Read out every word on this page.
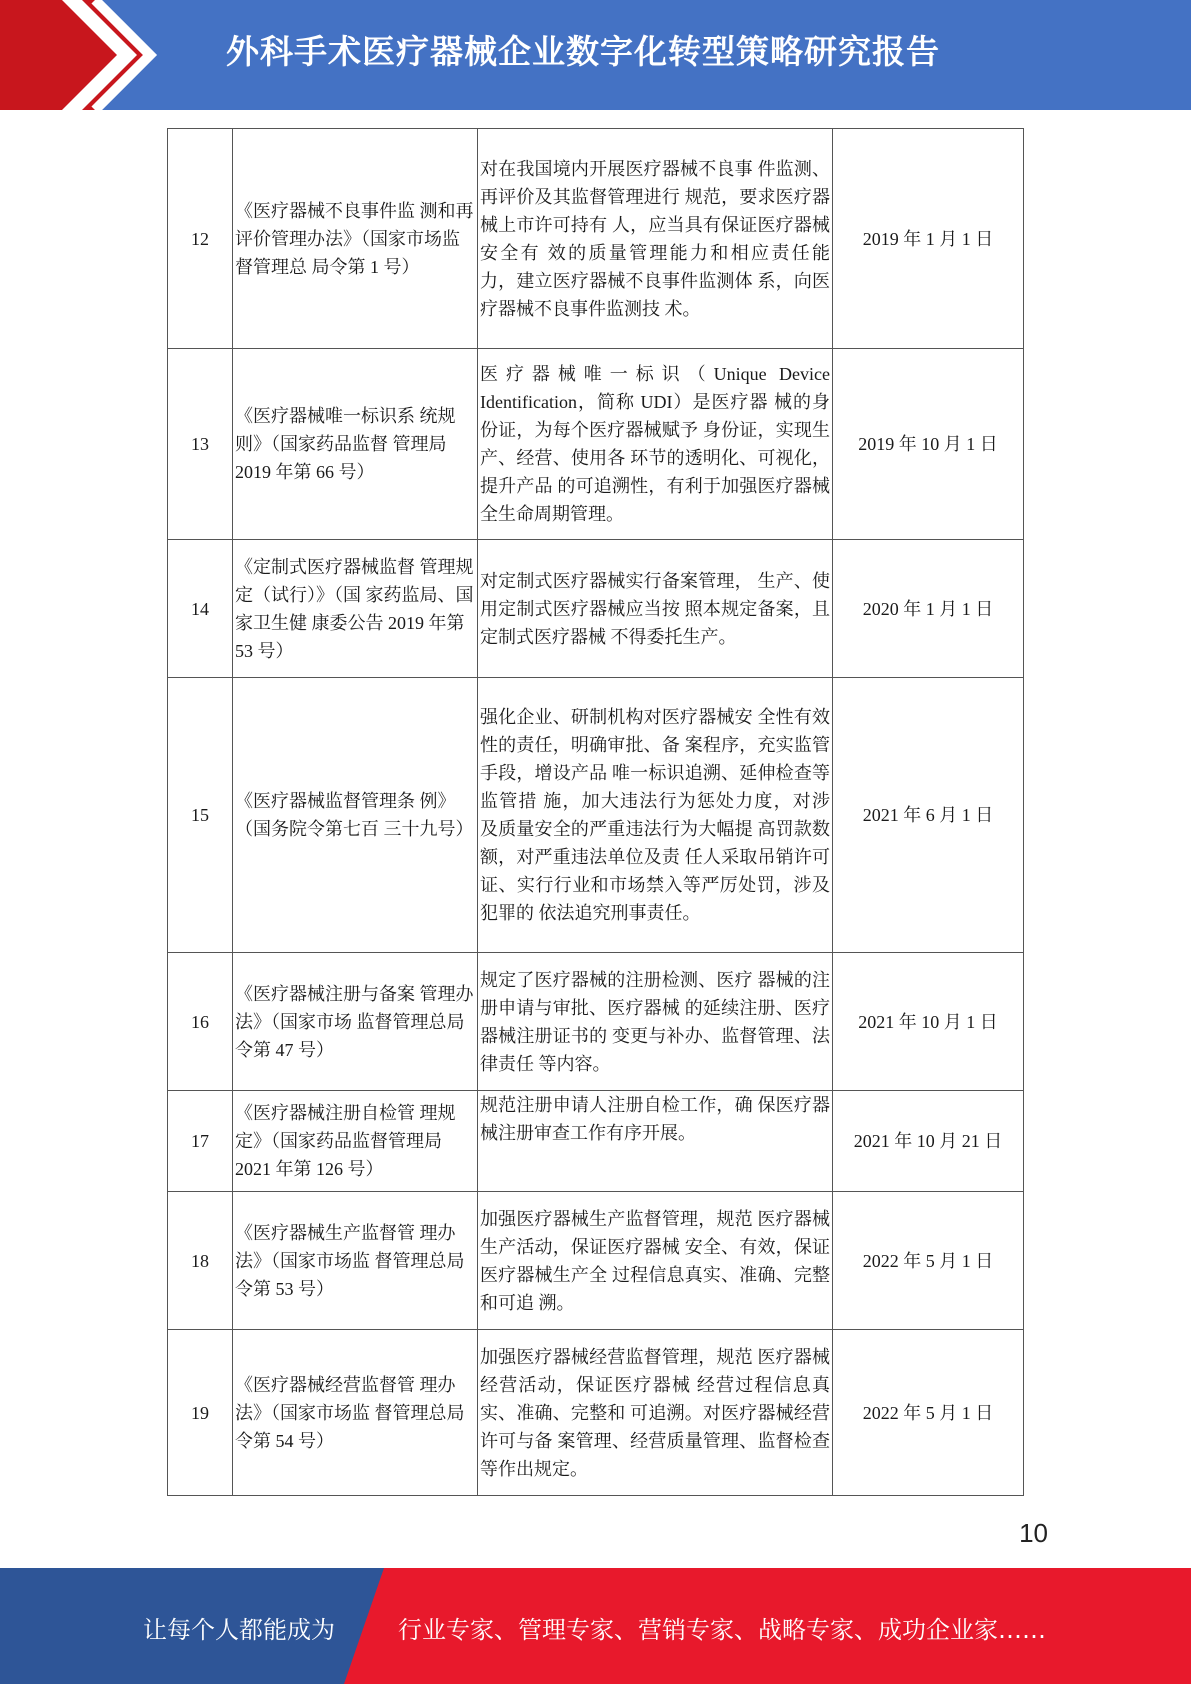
外科手术医疗器械企业数字化转型策略研究报告
12	《医疗器械不良事件监 测和再评价管理办法》（国家市场监督管理总 局令第 1 号）	对在我国境内开展医疗器械不良事 件监测、再评价及其监督管理进行 规范，要求医疗器械上市许可持有 人，应当具有保证医疗器械安全有 效的质量管理能力和相应责任能 力，建立医疗器械不良事件监测体 系，向医疗器械不良事件监测技 术。	2019 年 1 月 1 日
13	《医疗器械唯一标识系 统规则》（国家药品监督 管理局 2019 年第 66 号）	医疗器械唯一标识（Unique Device Identification，简称 UDI）是医疗器 械的身份证，为每个医疗器械赋予 身份证，实现生产、经营、使用各 环节的透明化、可视化，提升产品 的可追溯性，有利于加强医疗器械 全生命周期管理。	2019 年 10 月 1 日
14	《定制式医疗器械监督 管理规定（试行）》（国 家药监局、国家卫生健 康委公告 2019 年第 53 号）	对定制式医疗器械实行备案管理， 生产、使用定制式医疗器械应当按 照本规定备案，且定制式医疗器械 不得委托生产。	2020 年 1 月 1 日
15	《医疗器械监督管理条 例》（国务院令第七百 三十九号）	强化企业、研制机构对医疗器械安 全性有效性的责任，明确审批、备 案程序，充实监管手段，增设产品 唯一标识追溯、延伸检查等监管措 施，加大违法行为惩处力度，对涉 及质量安全的严重违法行为大幅提 高罚款数额，对严重违法单位及责 任人采取吊销许可证、实行行业和市场禁入等严厉处罚，涉及犯罪的 依法追究刑事责任。	2021 年 6 月 1 日
16	《医疗器械注册与备案 管理办法》（国家市场 监督管理总局令第 47 号）	规定了医疗器械的注册检测、医疗 器械的注册申请与审批、医疗器械 的延续注册、医疗器械注册证书的 变更与补办、监督管理、法律责任 等内容。	2021 年 10 月 1 日
17	《医疗器械注册自检管 理规定》（国家药品监督管理局 2021 年第 126 号）	规范注册申请人注册自检工作，确 保医疗器械注册审查工作有序开展。	2021 年 10 月 21 日
18	《医疗器械生产监督管 理办法》（国家市场监 督管理总局令第 53 号）	加强医疗器械生产监督管理，规范 医疗器械生产活动，保证医疗器械 安全、有效，保证医疗器械生产全 过程信息真实、准确、完整和可追 溯。	2022 年 5 月 1 日
19	《医疗器械经营监督管 理办法》（国家市场监 督管理总局令第 54 号）	加强医疗器械经营监督管理，规范 医疗器械经营活动，保证医疗器械 经营过程信息真实、准确、完整和 可追溯。对医疗器械经营许可与备 案管理、经营质量管理、监督检查 等作出规定。	2022 年 5 月 1 日
10
让每个人都能成为	行业专家、管理专家、营销专家、战略专家、成功企业家……
